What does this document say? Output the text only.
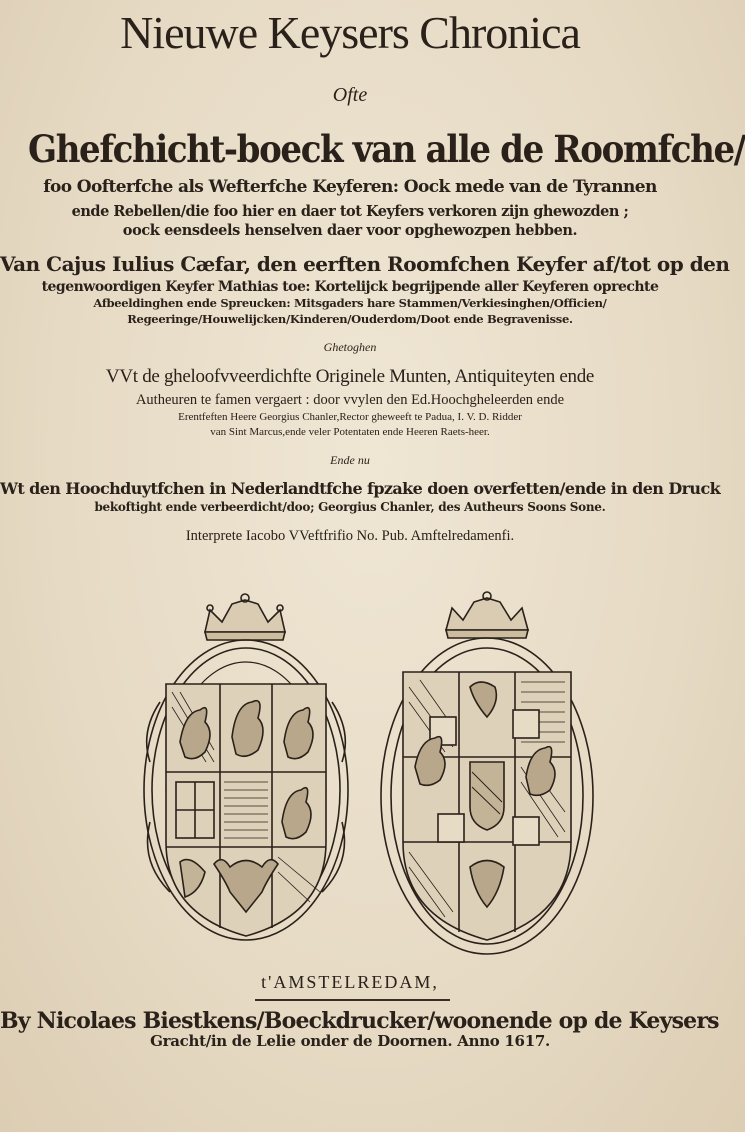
Nieuwe Keysers Chronica
Ofte
Ghefchicht-boeck van alle de Roomfche/
foo Oofterfche als Wefterfche Keyferen: Oock mede van de Tyrannen
ende Rebellen/die foo hier en daer tot Keyfers verkoren zijn ghewozden ;
oock eensdeels henselven daer voor opghewozpen hebben.
Van Cajus Iulius Cæfar, den eerften Roomfchen Keyfer af/tot op den
tegenwoordigen Keyfer Mathias toe: Kortelijck begrijpende aller Keyferen oprechte
Afbeeldinghen ende Spreucken: Mitsgaders hare Stammen/Verkiesinghen/Officien/
Regeeringe/Houwelijcken/Kinderen/Ouderdom/Doot ende Begravenisse.
Ghetoghen
VVt de gheloofvveerdichfte Originele Munten, Antiquiteyten ende
Autheuren te famen vergaert : door vvylen den Ed.Hoochgheleerden ende
Erentfeften Heere Georgius Chanler,Rector gheweeft te Padua, I. V. D. Ridder
van Sint Marcus,ende veler Potentaten ende Heeren Raets-heer.
Ende nu
Wt den Hoochduytfchen in Nederlandtfche fpzake doen overfetten/ende in den Druck
bekoftight ende verbeerdicht/doo; Georgius Chanler, des Autheurs Soons Sone.
Interprete Iacobo VVeftfrifio No. Pub. Amftelredamenfi.
t'AMSTELREDAM,
By Nicolaes Biestkens/Boeckdrucker/woonende op de Keysers
Gracht/in de Lelie onder de Doornen. Anno 1617.
